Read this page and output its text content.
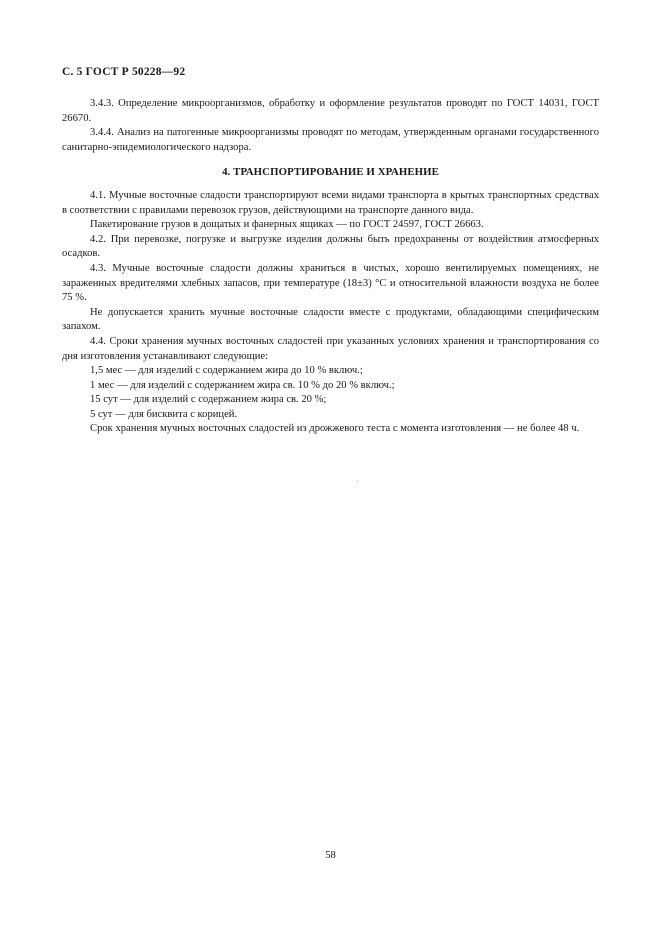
С. 5 ГОСТ Р 50228—92

3.4.3. Определение микроорганизмов, обработку и оформление результатов проводят по ГОСТ 14031, ГОСТ 26670.

3.4.4. Анализ на патогенные микроорганизмы проводят по методам, утвержденным органами государственного санитарно-эпидемиологического надзора.

4. ТРАНСПОРТИРОВАНИЕ И ХРАНЕНИЕ

4.1. Мучные восточные сладости транспортируют всеми видами транспорта в крытых транспортных средствах в соответствии с правилами перевозок грузов, действующими на транспорте данного вида.

Пакетирование грузов в дощатых и фанерных ящиках — по ГОСТ 24597, ГОСТ 26663.

4.2. При перевозке, погрузке и выгрузке изделия должны быть предохранены от воздействия атмосферных осадков.

4.3. Мучные восточные сладости должны храниться в чистых, хорошо вентилируемых помещениях, не зараженных вредителями хлебных запасов, при температуре (18±3) °С и относительной влажности воздуха не более 75 %.

Не допускается хранить мучные восточные сладости вместе с продуктами, обладающими специфическим запахом.

4.4. Сроки хранения мучных восточных сладостей при указанных условиях хранения и транспортирования со дня изготовления устанавливают следующие:

1,5 мес — для изделий с содержанием жира до 10 % включ.;

1 мес — для изделий с содержанием жира св. 10 % до 20 % включ.;

15 сут — для изделий с содержанием жира св. 20 %;

5 сут — для бисквита с корицей.

Срок хранения мучных восточных сладостей из дрожжевого теста с момента изготовления — не более 48 ч.

58
